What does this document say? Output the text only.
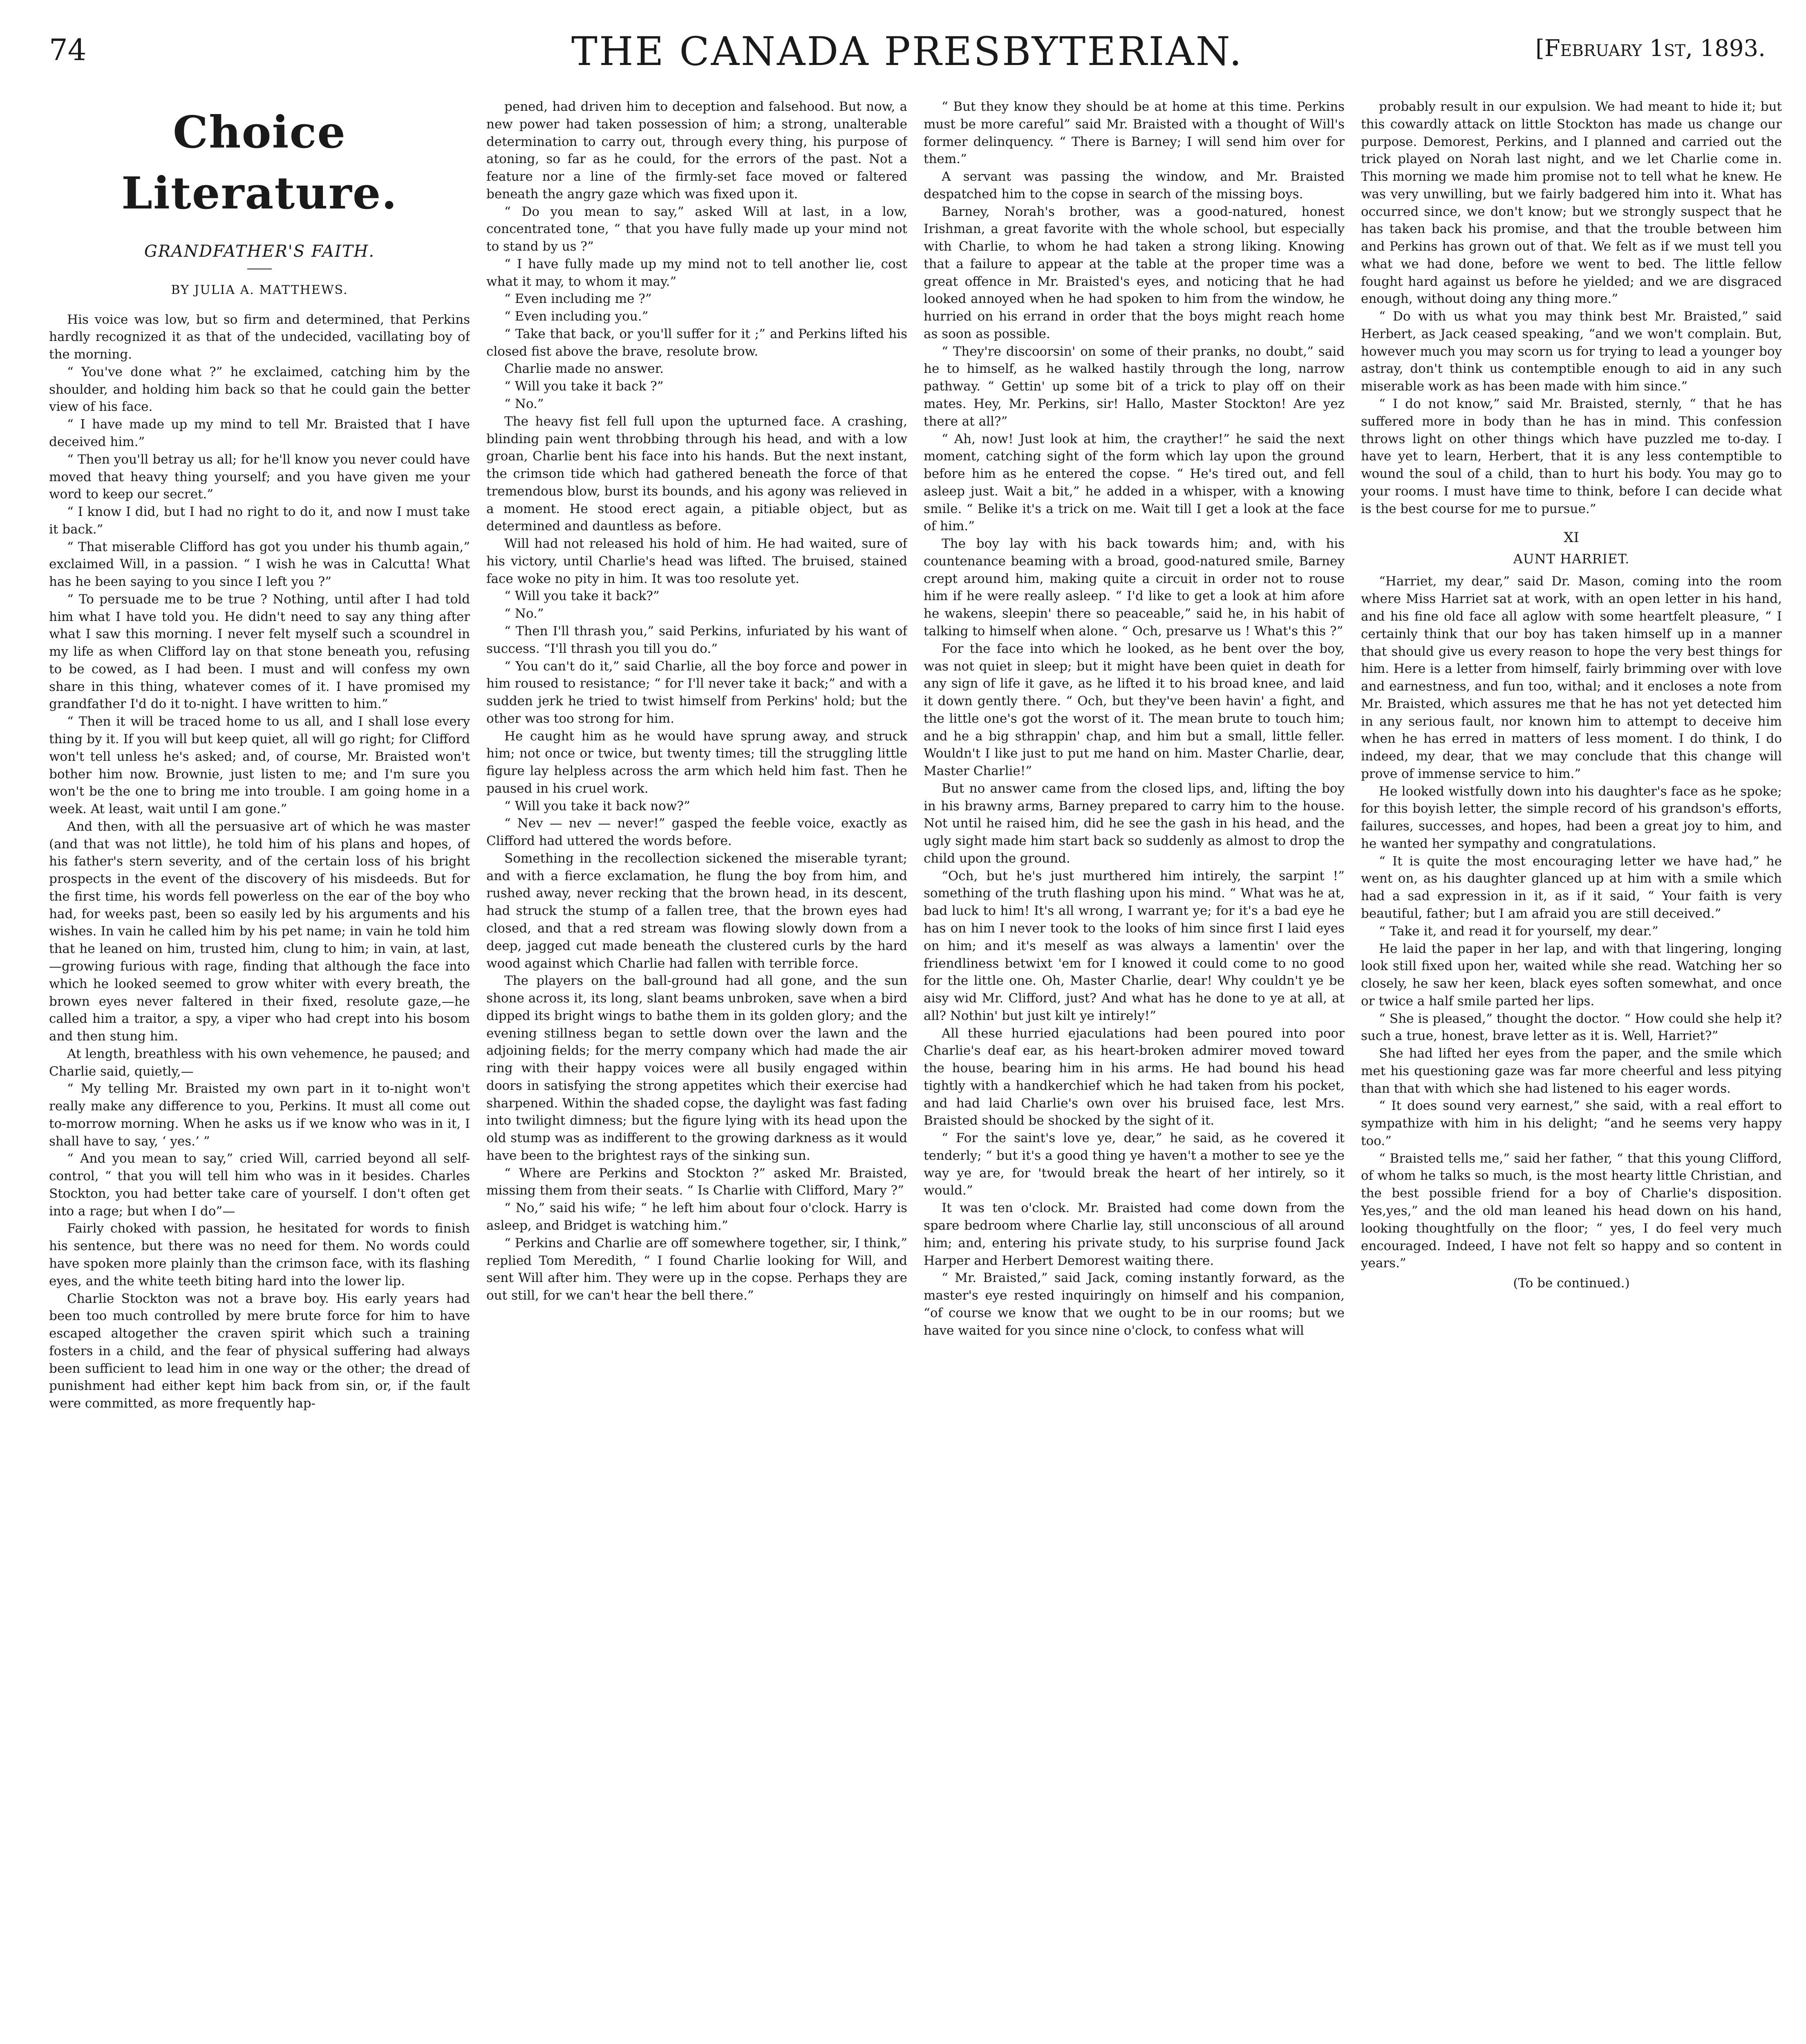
74	THE CANADA PRESBYTERIAN.	[February 1st, 1893.
Choice Literature.
GRANDFATHER'S FAITH.
BY JULIA A. MATTHEWS.

His voice was low, but so firm and determined, that Perkins hardly recognized it as that of the undecided, vacillating boy of the morning.

“ You've done what ?” he exclaimed, catching him by the shoulder, and holding him back so that he could gain the better view of his face.

“ I have made up my mind to tell Mr. Braisted that I have deceived him.”

“ Then you'll betray us all; for he'll know you never could have moved that heavy thing yourself; and you have given me your word to keep our secret.”

“ I know I did, but I had no right to do it, and now I must take it back.”

“ That miserable Clifford has got you under his thumb again,” exclaimed Will, in a passion. “ I wish he was in Calcutta! What has he been saying to you since I left you ?”

“ To persuade me to be true ? Nothing, until after I had told him what I have told you. He didn't need to say any thing after what I saw this morning. I never felt myself such a scoundrel in my life as when Clifford lay on that stone beneath you, refusing to be cowed, as I had been. I must and will confess my own share in this thing, whatever comes of it. I have promised my grandfather I'd do it to-night. I have written to him.”

“ Then it will be traced home to us all, and I shall lose every thing by it. If you will but keep quiet, all will go right; for Clifford won't tell unless he's asked; and, of course, Mr. Braisted won't bother him now. Brownie, just listen to me; and I'm sure you won't be the one to bring me into trouble. I am going home in a week. At least, wait until I am gone.”

And then, with all the persuasive art of which he was master (and that was not little), he told him of his plans and hopes, of his father's stern severity, and of the certain loss of his bright prospects in the event of the discovery of his misdeeds. But for the first time, his words fell powerless on the ear of the boy who had, for weeks past, been so easily led by his arguments and his wishes. In vain he called him by his pet name; in vain he told him that he leaned on him, trusted him, clung to him; in vain, at last,—growing furious with rage, finding that although the face into which he looked seemed to grow whiter with every breath, the brown eyes never faltered in their fixed, resolute gaze,—he called him a traitor, a spy, a viper who had crept into his bosom and then stung him.

At length, breathless with his own vehemence, he paused; and Charlie said, quietly,—

“ My telling Mr. Braisted my own part in it to-night won't really make any difference to you, Perkins. It must all come out to-morrow morning. When he asks us if we know who was in it, I shall have to say, ‘ yes.’ ”

“ And you mean to say,” cried Will, carried beyond all self-control, “ that you will tell him who was in it besides. Charles Stockton, you had better take care of yourself. I don't often get into a rage; but when I do”—

Fairly choked with passion, he hesitated for words to finish his sentence, but there was no need for them. No words could have spoken more plainly than the crimson face, with its flashing eyes, and the white teeth biting hard into the lower lip.

Charlie Stockton was not a brave boy. His early years had been too much controlled by mere brute force for him to have escaped altogether the craven spirit which such a training fosters in a child, and the fear of physical suffering had always been sufficient to lead him in one way or the other; the dread of punishment had either kept him back from sin, or, if the fault were committed, as more frequently hap-

pened, had driven him to deception and falsehood. But now, a new power had taken possession of him; a strong, unalterable determination to carry out, through every thing, his purpose of atoning, so far as he could, for the errors of the past. Not a feature nor a line of the firmly-set face moved or faltered beneath the angry gaze which was fixed upon it.

“ Do you mean to say,” asked Will at last, in a low, concentrated tone, “ that you have fully made up your mind not to stand by us ?”

“ I have fully made up my mind not to tell another lie, cost what it may, to whom it may.”

“ Even including me ?”

“ Even including you.”

“ Take that back, or you'll suffer for it ;” and Perkins lifted his closed fist above the brave, resolute brow.

Charlie made no answer.

“ Will you take it back ?”

“ No.”

The heavy fist fell full upon the upturned face. A crashing, blinding pain went throbbing through his head, and with a low groan, Charlie bent his face into his hands. But the next instant, the crimson tide which had gathered beneath the force of that tremendous blow, burst its bounds, and his agony was relieved in a moment. He stood erect again, a pitiable object, but as determined and dauntless as before.

Will had not released his hold of him. He had waited, sure of his victory, until Charlie's head was lifted. The bruised, stained face woke no pity in him. It was too resolute yet.

“ Will you take it back?”

“ No.”

“ Then I'll thrash you,” said Perkins, infuriated by his want of success. “I'll thrash you till you do.”

“ You can't do it,” said Charlie, all the boy force and power in him roused to resistance; “ for I'll never take it back;” and with a sudden jerk he tried to twist himself from Perkins' hold; but the other was too strong for him.

He caught him as he would have sprung away, and struck him; not once or twice, but twenty times; till the struggling little figure lay helpless across the arm which held him fast. Then he paused in his cruel work.

“ Will you take it back now?”

“ Nev — nev — never!” gasped the feeble voice, exactly as Clifford had uttered the words before.

Something in the recollection sickened the miserable tyrant; and with a fierce exclamation, he flung the boy from him, and rushed away, never recking that the brown head, in its descent, had struck the stump of a fallen tree, that the brown eyes had closed, and that a red stream was flowing slowly down from a deep, jagged cut made beneath the clustered curls by the hard wood against which Charlie had fallen with terrible force.

The players on the ball-ground had all gone, and the sun shone across it, its long, slant beams unbroken, save when a bird dipped its bright wings to bathe them in its golden glory; and the evening stillness began to settle down over the lawn and the adjoining fields; for the merry company which had made the air ring with their happy voices were all busily engaged within doors in satisfying the strong appetites which their exercise had sharpened. Within the shaded copse, the daylight was fast fading into twilight dimness; but the figure lying with its head upon the old stump was as indifferent to the growing darkness as it would have been to the brightest rays of the sinking sun.

“ Where are Perkins and Stockton ?” asked Mr. Braisted, missing them from their seats. “ Is Charlie with Clifford, Mary ?”

“ No,” said his wife; “ he left him about four o'clock. Harry is asleep, and Bridget is watching him.”

“ Perkins and Charlie are off somewhere together, sir, I think,” replied Tom Meredith, “ I found Charlie looking for Will, and sent Will after him. They were up in the copse. Perhaps they are out still, for we can't hear the bell there.”

“ But they know they should be at home at this time. Perkins must be more careful” said Mr. Braisted with a thought of Will's former delinquency. “ There is Barney; I will send him over for them.”

A servant was passing the window, and Mr. Braisted despatched him to the copse in search of the missing boys.

Barney, Norah's brother, was a good-natured, honest Irishman, a great favorite with the whole school, but especially with Charlie, to whom he had taken a strong liking. Knowing that a failure to appear at the table at the proper time was a great offence in Mr. Braisted's eyes, and noticing that he had looked annoyed when he had spoken to him from the window, he hurried on his errand in order that the boys might reach home as soon as possible.

“ They're discoorsin' on some of their pranks, no doubt,” said he to himself, as he walked hastily through the long, narrow pathway. “ Gettin' up some bit of a trick to play off on their mates. Hey, Mr. Perkins, sir! Hallo, Master Stockton! Are yez there at all?”

“ Ah, now! Just look at him, the crayther!” he said the next moment, catching sight of the form which lay upon the ground before him as he entered the copse. “ He's tired out, and fell asleep just. Wait a bit,” he added in a whisper, with a knowing smile. “ Belike it's a trick on me. Wait till I get a look at the face of him.”

The boy lay with his back towards him; and, with his countenance beaming with a broad, good-natured smile, Barney crept around him, making quite a circuit in order not to rouse him if he were really asleep. “ I'd like to get a look at him afore he wakens, sleepin' there so peaceable,” said he, in his habit of talking to himself when alone. “ Och, presarve us ! What's this ?”

For the face into which he looked, as he bent over the boy, was not quiet in sleep; but it might have been quiet in death for any sign of life it gave, as he lifted it to his broad knee, and laid it down gently there. “ Och, but they've been havin' a fight, and the little one's got the worst of it. The mean brute to touch him; and he a big sthrappin' chap, and him but a small, little feller. Wouldn't I like just to put me hand on him. Master Charlie, dear, Master Charlie!”

But no answer came from the closed lips, and, lifting the boy in his brawny arms, Barney prepared to carry him to the house. Not until he raised him, did he see the gash in his head, and the ugly sight made him start back so suddenly as almost to drop the child upon the ground.

“Och, but he's just murthered him intirely, the sarpint !” something of the truth flashing upon his mind. “ What was he at, bad luck to him! It's all wrong, I warrant ye; for it's a bad eye he has on him I never took to the looks of him since first I laid eyes on him; and it's meself as was always a lamentin' over the friendliness betwixt 'em for I knowed it could come to no good for the little one. Oh, Master Charlie, dear! Why couldn't ye be aisy wid Mr. Clifford, just? And what has he done to ye at all, at all? Nothin' but just kilt ye intirely!”

All these hurried ejaculations had been poured into poor Charlie's deaf ear, as his heart-broken admirer moved toward the house, bearing him in his arms. He had bound his head tightly with a handkerchief which he had taken from his pocket, and had laid Charlie's own over his bruised face, lest Mrs. Braisted should be shocked by the sight of it.

“ For the saint's love ye, dear,” he said, as he covered it tenderly; “ but it's a good thing ye haven't a mother to see ye the way ye are, for 'twould break the heart of her intirely, so it would.”

It was ten o'clock. Mr. Braisted had come down from the spare bedroom where Charlie lay, still unconscious of all around him; and, entering his private study, to his surprise found Jack Harper and Herbert Demorest waiting there.

“ Mr. Braisted,” said Jack, coming instantly forward, as the master's eye rested inquiringly on himself and his companion, “of course we know that we ought to be in our rooms; but we have waited for you since nine o'clock, to confess what will

probably result in our expulsion. We had meant to hide it; but this cowardly attack on little Stockton has made us change our purpose. Demorest, Perkins, and I planned and carried out the trick played on Norah last night, and we let Charlie come in. This morning we made him promise not to tell what he knew. He was very unwilling, but we fairly badgered him into it. What has occurred since, we don't know; but we strongly suspect that he has taken back his promise, and that the trouble between him and Perkins has grown out of that. We felt as if we must tell you what we had done, before we went to bed. The little fellow fought hard against us before he yielded; and we are disgraced enough, without doing any thing more.”

“ Do with us what you may think best Mr. Braisted,” said Herbert, as Jack ceased speaking, “and we won't complain. But, however much you may scorn us for trying to lead a younger boy astray, don't think us contemptible enough to aid in any such miserable work as has been made with him since.”

“ I do not know,” said Mr. Braisted, sternly, “ that he has suffered more in body than he has in mind. This confession throws light on other things which have puzzled me to-day. I have yet to learn, Herbert, that it is any less contemptible to wound the soul of a child, than to hurt his body. You may go to your rooms. I must have time to think, before I can decide what is the best course for me to pursue.”

XI
AUNT HARRIET.

“Harriet, my dear,” said Dr. Mason, coming into the room where Miss Harriet sat at work, with an open letter in his hand, and his fine old face all aglow with some heartfelt pleasure, “ I certainly think that our boy has taken himself up in a manner that should give us every reason to hope the very best things for him. Here is a letter from himself, fairly brimming over with love and earnestness, and fun too, withal; and it encloses a note from Mr. Braisted, which assures me that he has not yet detected him in any serious fault, nor known him to attempt to deceive him when he has erred in matters of less moment. I do think, I do indeed, my dear, that we may conclude that this change will prove of immense service to him.”

He looked wistfully down into his daughter's face as he spoke; for this boyish letter, the simple record of his grandson's efforts, failures, successes, and hopes, had been a great joy to him, and he wanted her sympathy and congratulations.

“ It is quite the most encouraging letter we have had,” he went on, as his daughter glanced up at him with a smile which had a sad expression in it, as if it said, “ Your faith is very beautiful, father; but I am afraid you are still deceived.”

“ Take it, and read it for yourself, my dear.”

He laid the paper in her lap, and with that lingering, longing look still fixed upon her, waited while she read. Watching her so closely, he saw her keen, black eyes soften somewhat, and once or twice a half smile parted her lips.

“ She is pleased,” thought the doctor. “ How could she help it? such a true, honest, brave letter as it is. Well, Harriet?”

She had lifted her eyes from the paper, and the smile which met his questioning gaze was far more cheerful and less pitying than that with which she had listened to his eager words.

“ It does sound very earnest,” she said, with a real effort to sympathize with him in his delight; “and he seems very happy too.”

“ Braisted tells me,” said her father, “ that this young Clifford, of whom he talks so much, is the most hearty little Christian, and the best possible friend for a boy of Charlie's disposition. Yes,yes,” and the old man leaned his head down on his hand, looking thoughtfully on the floor; “ yes, I do feel very much encouraged. Indeed, I have not felt so happy and so content in years.”

(To be continued.)
